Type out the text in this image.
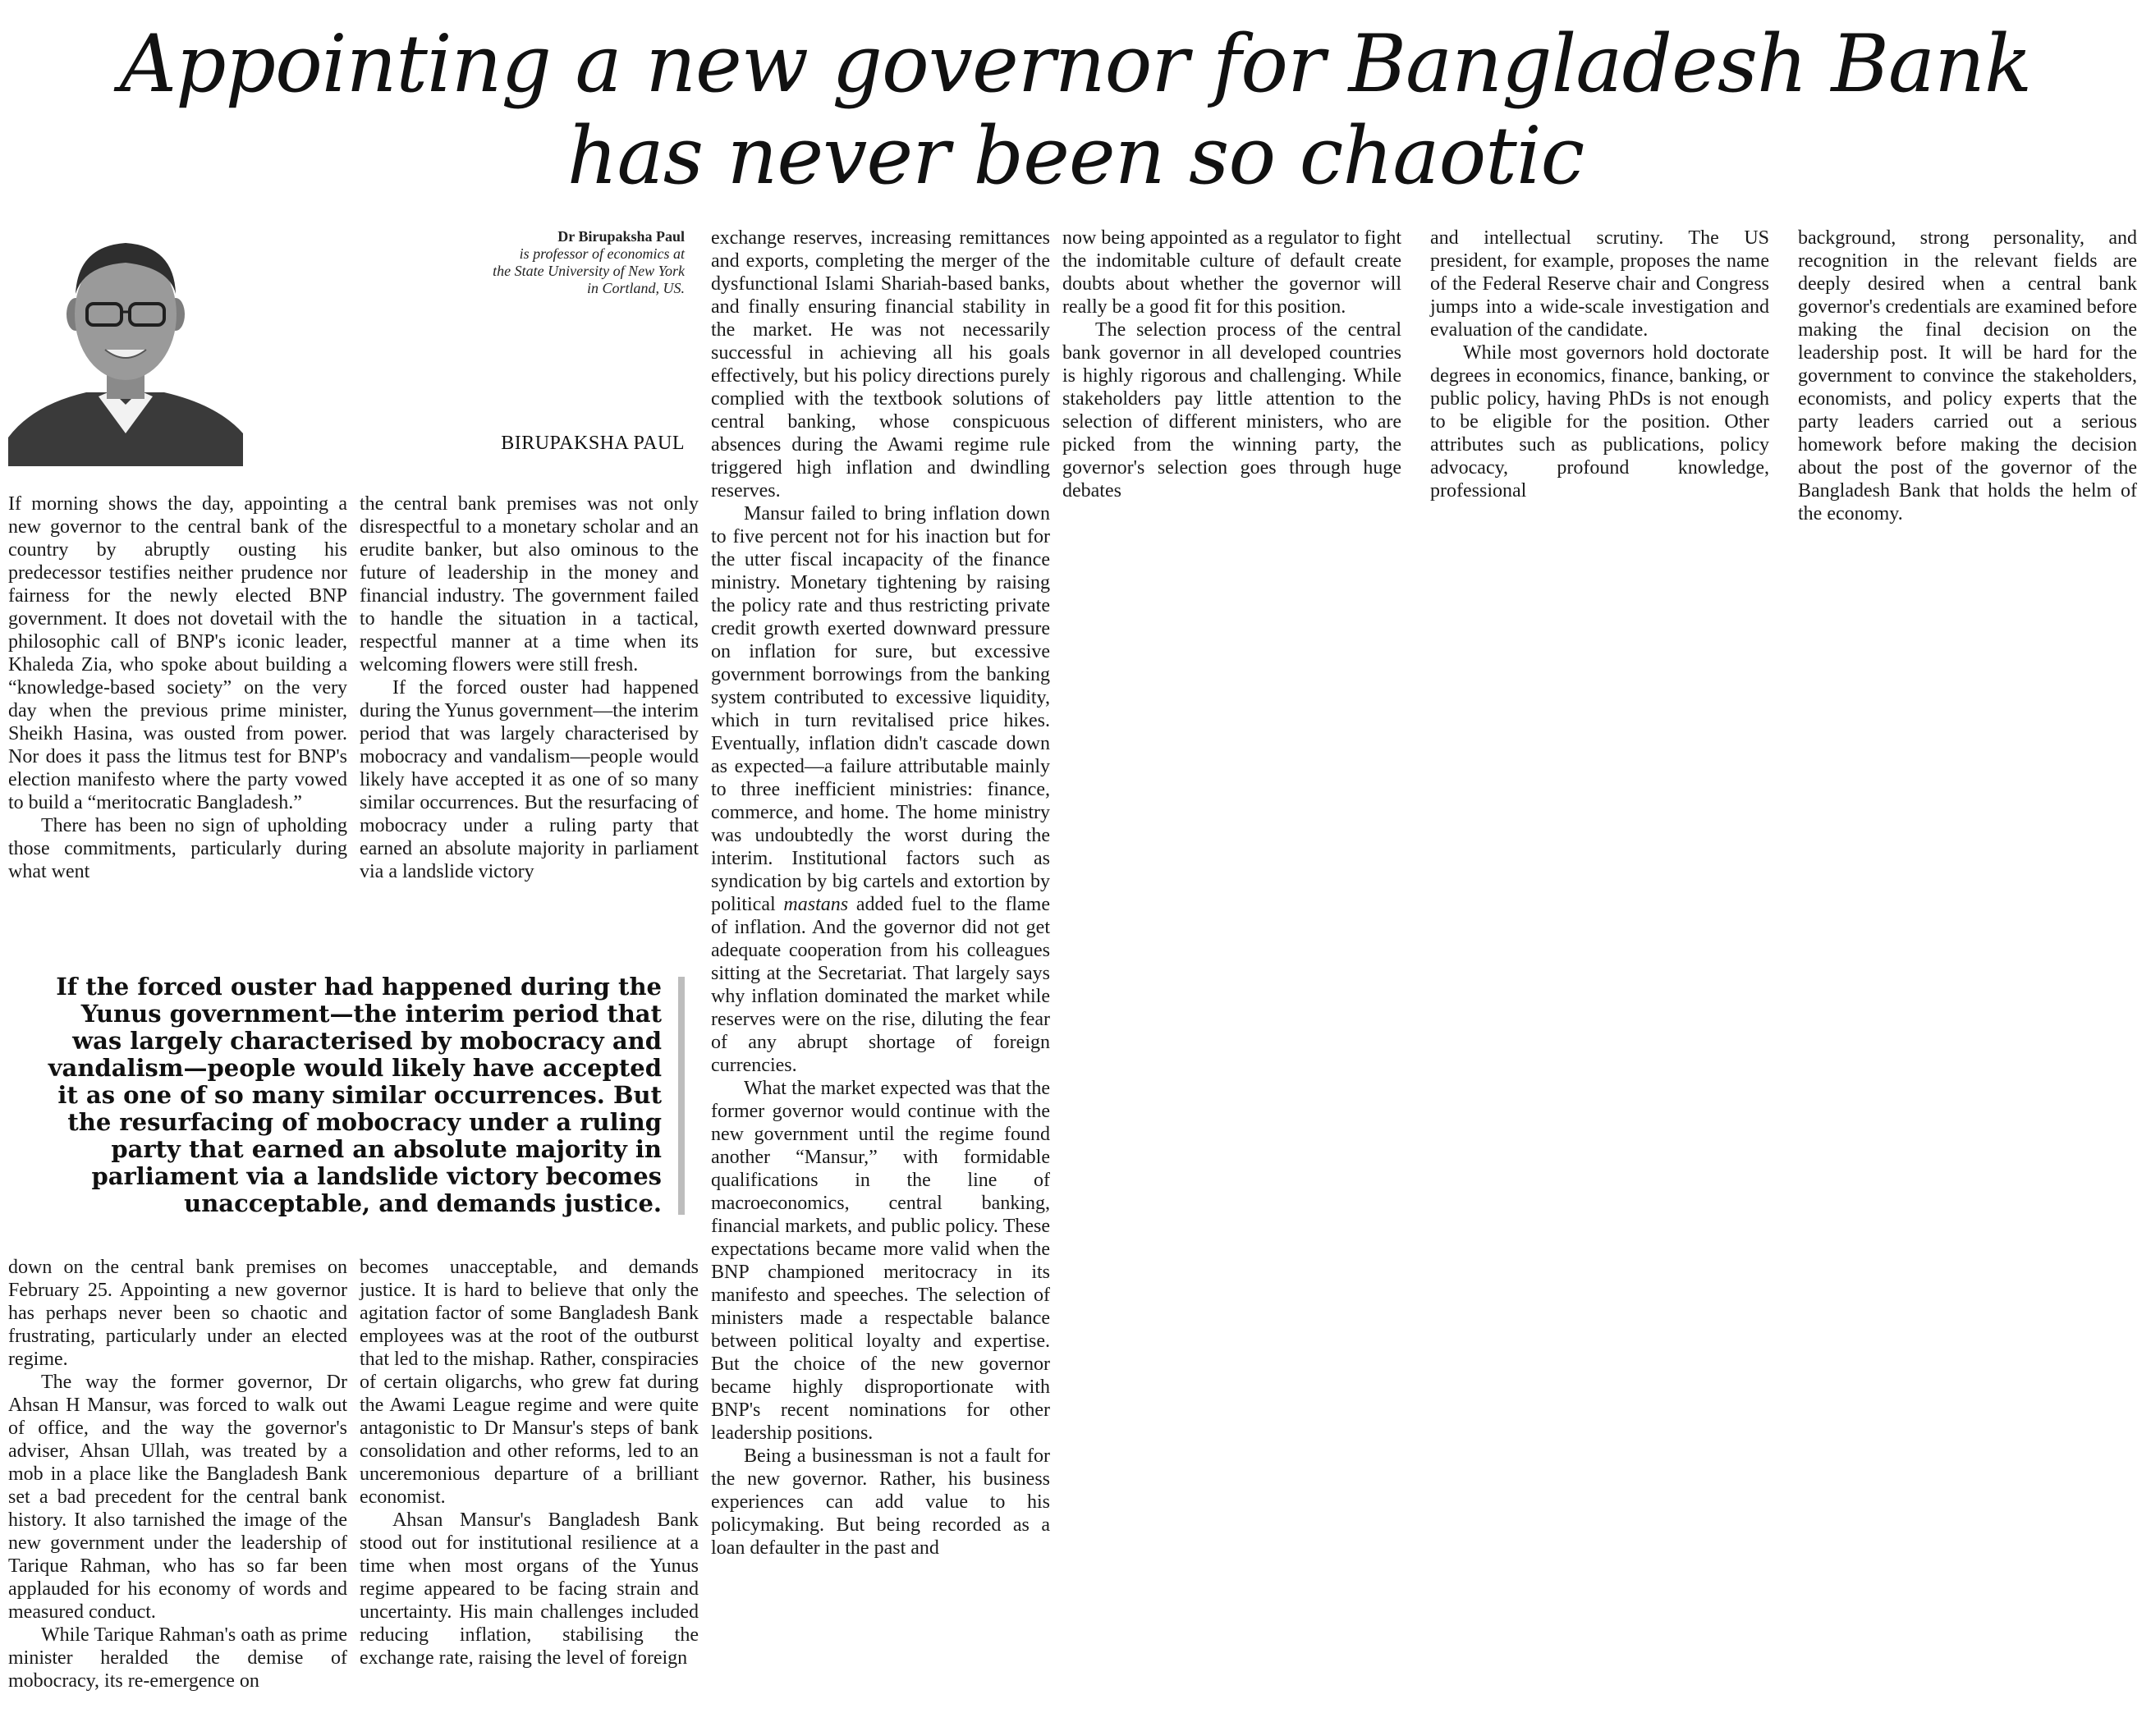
Appointing a new governor for Bangladesh Bank
has never been so chaotic
Dr Birupaksha Paul
is professor of economics at
the State University of New York
in Cortland, US.
BIRUPAKSHA PAUL

If morning shows the day, appointing a new governor to the central bank of the country by abruptly ousting his predecessor testifies neither prudence nor fairness for the newly elected BNP government. It does not dovetail with the philosophic call of BNP's iconic leader, Khaleda Zia, who spoke about building a “knowledge-based society” on the very day when the previous prime minister, Sheikh Hasina, was ousted from power. Nor does it pass the litmus test for BNP's election manifesto where the party vowed to build a “meritocratic Bangladesh.”

There has been no sign of upholding those commitments, particularly during what went

the central bank premises was not only disrespectful to a monetary scholar and an erudite banker, but also ominous to the future of leadership in the money and financial industry. The government failed to handle the situation in a tactical, respectful manner at a time when its welcoming flowers were still fresh.

If the forced ouster had happened during the Yunus government—the interim period that was largely characterised by mobocracy and vandalism—people would likely have accepted it as one of so many similar occurrences. But the resurfacing of mobocracy under a ruling party that earned an absolute majority in parliament via a landslide victory

If the forced ouster had happened during the Yunus government—the interim period that was largely characterised by mobocracy and vandalism—people would likely have accepted it as one of so many similar occurrences. But the resurfacing of mobocracy under a ruling party that earned an absolute majority in parliament via a landslide victory becomes unacceptable, and demands justice.

down on the central bank premises on February 25. Appointing a new governor has perhaps never been so chaotic and frustrating, particularly under an elected regime.

The way the former governor, Dr Ahsan H Mansur, was forced to walk out of office, and the way the governor's adviser, Ahsan Ullah, was treated by a mob in a place like the Bangladesh Bank set a bad precedent for the central bank history. It also tarnished the image of the new government under the leadership of Tarique Rahman, who has so far been applauded for his economy of words and measured conduct.

While Tarique Rahman's oath as prime minister heralded the demise of mobocracy, its re-emergence on

becomes unacceptable, and demands justice. It is hard to believe that only the agitation factor of some Bangladesh Bank employees was at the root of the outburst that led to the mishap. Rather, conspiracies of certain oligarchs, who grew fat during the Awami League regime and were quite antagonistic to Dr Mansur's steps of bank consolidation and other reforms, led to an unceremonious departure of a brilliant economist.

Ahsan Mansur's Bangladesh Bank stood out for institutional resilience at a time when most organs of the Yunus regime appeared to be facing strain and uncertainty. His main challenges included reducing inflation, stabilising the exchange rate, raising the level of foreign

exchange reserves, increasing remittances and exports, completing the merger of the dysfunctional Islami Shariah-based banks, and finally ensuring financial stability in the market. He was not necessarily successful in achieving all his goals effectively, but his policy directions purely complied with the textbook solutions of central banking, whose conspicuous absences during the Awami regime rule triggered high inflation and dwindling reserves.

Mansur failed to bring inflation down to five percent not for his inaction but for the utter fiscal incapacity of the finance ministry. Monetary tightening by raising the policy rate and thus restricting private credit growth exerted downward pressure on inflation for sure, but excessive government borrowings from the banking system contributed to excessive liquidity, which in turn revitalised price hikes. Eventually, inflation didn't cascade down as expected—a failure attributable mainly to three inefficient ministries: finance, commerce, and home. The home ministry was undoubtedly the worst during the interim. Institutional factors such as syndication by big cartels and extortion by political mastans added fuel to the flame of inflation. And the governor did not get adequate cooperation from his colleagues sitting at the Secretariat. That largely says why inflation dominated the market while reserves were on the rise, diluting the fear of any abrupt shortage of foreign currencies.

What the market expected was that the former governor would continue with the new government until the regime found another “Mansur,” with formidable qualifications in the line of macroeconomics, central banking, financial markets, and public policy. These expectations became more valid when the BNP championed meritocracy in its manifesto and speeches. The selection of ministers made a respectable balance between political loyalty and expertise. But the choice of the new governor became highly disproportionate with BNP's recent nominations for other leadership positions.

Being a businessman is not a fault for the new governor. Rather, his business experiences can add value to his policymaking. But being recorded as a loan defaulter in the past and

now being appointed as a regulator to fight the indomitable culture of default create doubts about whether the governor will really be a good fit for this position.

The selection process of the central bank governor in all developed countries is highly rigorous and challenging. While stakeholders pay little attention to the selection of different ministers, who are picked from the winning party, the governor's selection goes through huge debates

and intellectual scrutiny. The US president, for example, proposes the name of the Federal Reserve chair and Congress jumps into a wide-scale investigation and evaluation of the candidate.

While most governors hold doctorate degrees in economics, finance, banking, or public policy, having PhDs is not enough to be eligible for the position. Other attributes such as publications, policy advocacy, profound knowledge, professional

background, strong personality, and recognition in the relevant fields are deeply desired when a central bank governor's credentials are examined before making the final decision on the leadership post. It will be hard for the government to convince the stakeholders, economists, and policy experts that the party leaders carried out a serious homework before making the decision about the post of the governor of the Bangladesh Bank that holds the helm of the economy.
